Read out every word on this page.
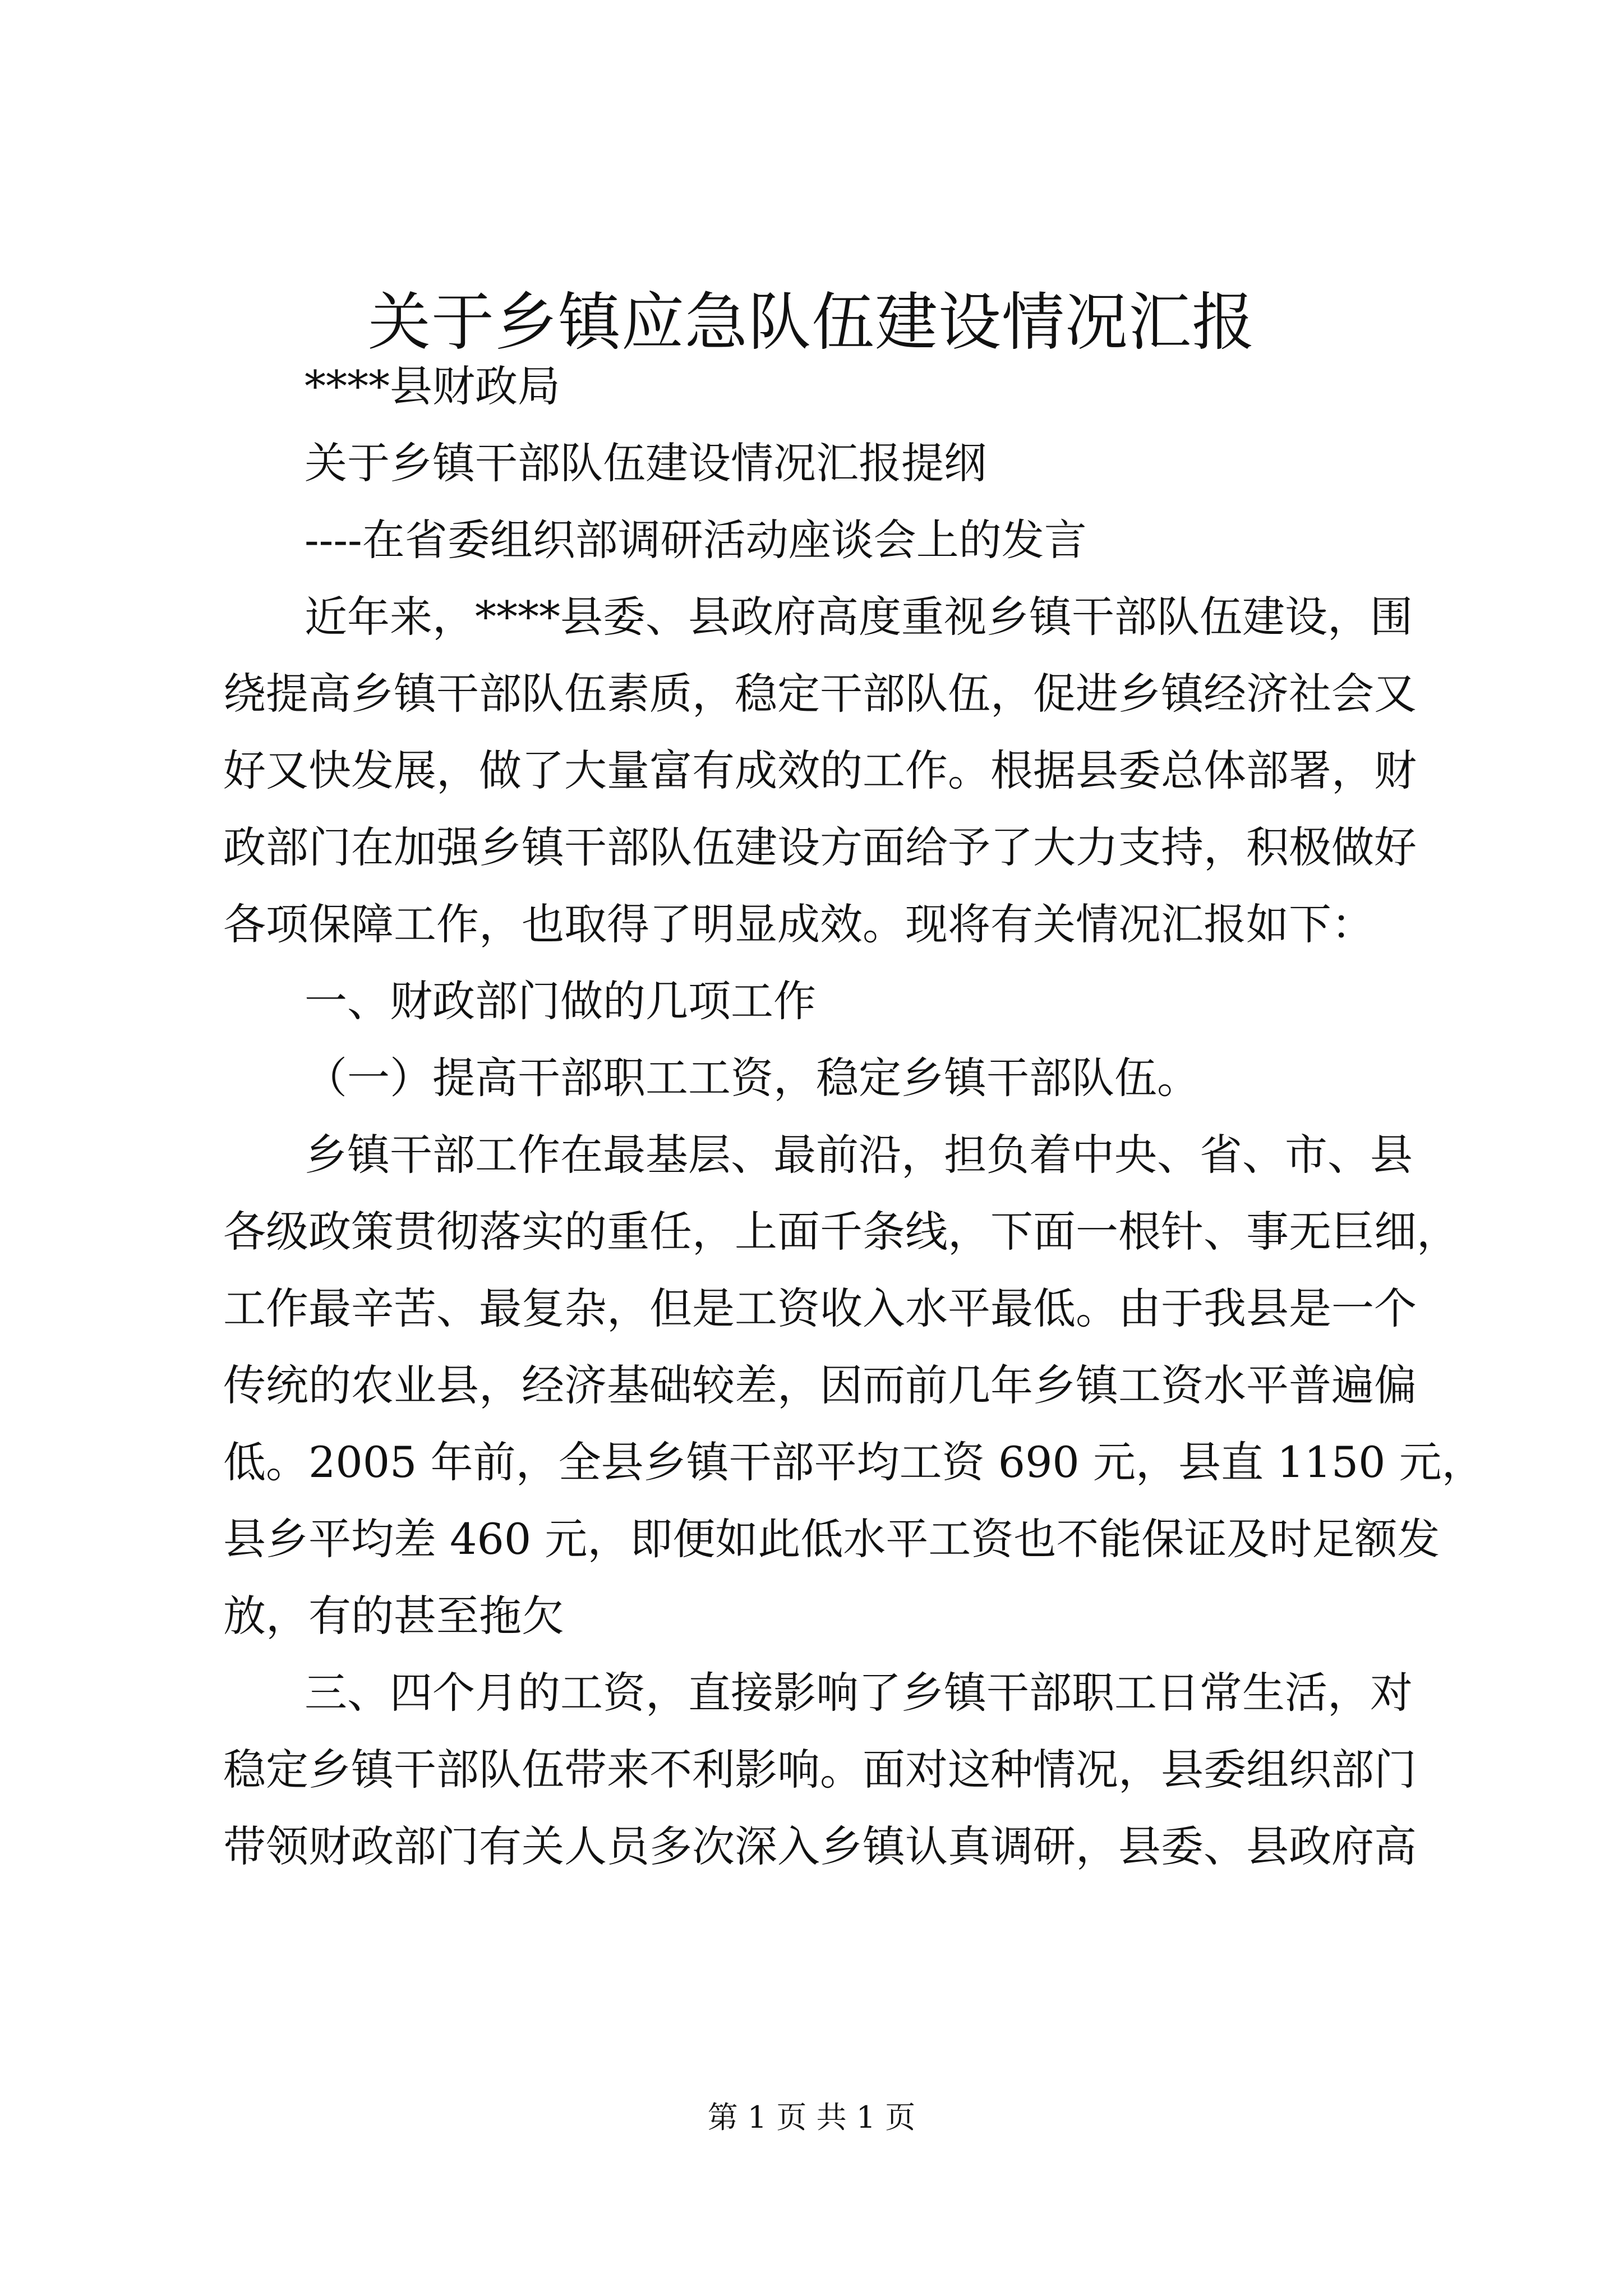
关于乡镇应急队伍建设情况汇报

****县财政局

关于乡镇干部队伍建设情况汇报提纲

----在省委组织部调研活动座谈会上的发言

近年来，****县委、县政府高度重视乡镇干部队伍建设，围

绕提高乡镇干部队伍素质，稳定干部队伍，促进乡镇经济社会又

好又快发展，做了大量富有成效的工作。根据县委总体部署，财

政部门在加强乡镇干部队伍建设方面给予了大力支持，积极做好

各项保障工作，也取得了明显成效。现将有关情况汇报如下：

一、财政部门做的几项工作

（一）提高干部职工工资，稳定乡镇干部队伍。

乡镇干部工作在最基层、最前沿，担负着中央、省、市、县

各级政策贯彻落实的重任，上面千条线，下面一根针、事无巨细，

工作最辛苦、最复杂，但是工资收入水平最低。由于我县是一个

传统的农业县，经济基础较差，因而前几年乡镇工资水平普遍偏

低。2005 年前，全县乡镇干部平均工资 690 元，县直 1150 元，

县乡平均差 460 元，即便如此低水平工资也不能保证及时足额发

放，有的甚至拖欠

三、四个月的工资，直接影响了乡镇干部职工日常生活，对

稳定乡镇干部队伍带来不利影响。面对这种情况，县委组织部门

带领财政部门有关人员多次深入乡镇认真调研，县委、县政府高

第 1 页 共 1 页
